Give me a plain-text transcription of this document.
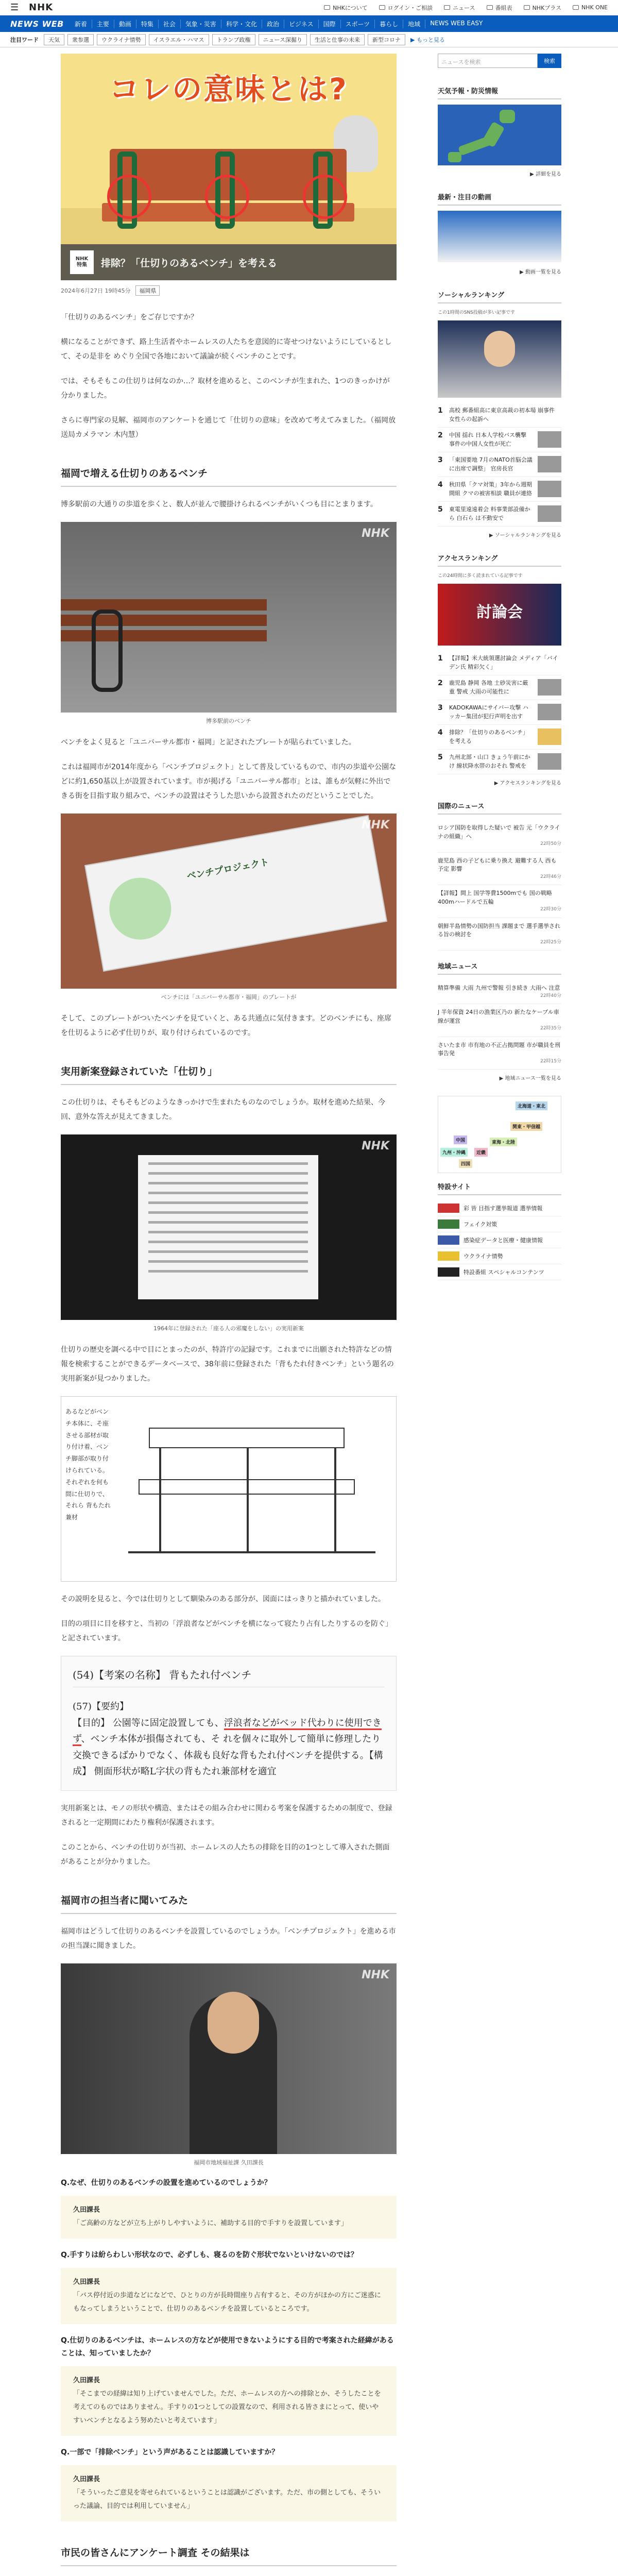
☰	NHK	NHKについて	ログイン・ご相談	ニュース	番組表	NHKプラス	NHK ONE
NEWS WEB	新着	主要	動画	特集	社会	気象・災害	科学・文化	政治	ビジネス	国際	スポーツ	暮らし	地域	NEWS WEB EASY
注目ワード	天気	衆参選	ウクライナ情勢	イスラエル・ハマス	トランプ政権	ニュース深掘り	生活と仕事の未来	新型コロナ	▶ もっと見る
コレの意味とは?
NHK
特集 排除？「仕切りのあるベンチ」を考える
2024年6月27日 19時45分	福岡県

「仕切りのあるベンチ」をご存じですか？

横になることができず、路上生活者やホームレスの人たちを意図的に寄せつけないようにしているとして、その是非を めぐり全国で各地において議論が続くベンチのことです。

では、そもそもこの仕切りは何なのか…？取材を進めると、このベンチが生まれた、1つのきっかけが分かりました。

さらに専門家の見解、福岡市のアンケートを通じて「仕切りの意味」を改めて考えてみました。（福岡放送局カメラマン 木内慧）

福岡で増える仕切りのあるベンチ

博多駅前の大通りの歩道を歩くと、数人が並んで腰掛けられるベンチがいくつも目にとまります。

NHK
博多駅前のベンチ

ベンチをよく見ると「ユニバーサル都市・福岡」と記されたプレートが貼られていました。

これは福岡市が2014年度から「ベンチプロジェクト」として普及しているもので、市内の歩道や公園などに約1,650基以上が設置されています。市が掲げる「ユニバーサル都市」とは、誰もが気軽に外出できる街を目指す取り組みで、ベンチの設置はそうした思いから設置されたのだということでした。

ベンチプロジェクト
NHK
ベンチには「ユニバーサル都市・福岡」のプレートが

そして、このプレートがついたベンチを見ていくと、ある共通点に気付きます。どのベンチにも、座席を仕切るように必ず仕切りが、取り付けられているのです。

実用新案登録されていた「仕切り」

この仕切りは、そもそもどのようなきっかけで生まれたものなのでしょうか。取材を進めた結果、今回、意外な答えが見えてきました。

NHK
1964年に登録された「座る人の邪魔をしない」の実用新案

仕切りの歴史を調べる中で目にとまったのが、特許庁の記録です。これまでに出願された特許などの情報を検索することができるデータベースで、38年前に登録された「背もたれ付きベンチ」という題名の実用新案が見つかりました。

あるなどがベンチ本体に、そ座させる部材が取り付け着、ベンチ脚部が取り付けられている。それぞれを何も間に仕切りで、それら 背もたれ兼材

その説明を見ると、今では仕切りとして馴染みのある部分が、図面にはっきりと描かれていました。

目的の項目に目を移すと、当初の「浮浪者などがベンチを横になって寝たり占有したりするのを防ぐ」と記されています。

(54)【考案の名称】 背もたれ付ベンチ
(57)【要約】
【目的】 公園等に固定設置しても、浮浪者などがベッド代わりに使用できず、ベンチ本体が損傷されても、そ れを個々に取外して簡単に修理したり交換できるばかりでなく、体裁も良好な背もたれ付ベンチを提供する。【構成】 側面形状が略L字状の背もたれ兼部材を適宜

実用新案とは、モノの形状や構造、またはその組み合わせに関わる考案を保護するための制度で、登録されると一定期間にわたり権利が保護されます。

このことから、ベンチの仕切りが当初、ホームレスの人たちの排除を目的の1つとして導入された側面があることが分かりました。

福岡市の担当者に聞いてみた

福岡市はどうして仕切りのあるベンチを設置しているのでしょうか。「ベンチプロジェクト」を進める市の担当課に聞きました。

NHK
福岡市地域福祉課 久田課長
Q.なぜ、仕切りのあるベンチの設置を進めているのでしょうか？
久田課長
「ご高齢の方などが立ち上がりしやすいように、補助する目的で手すりを設置しています」
Q.手すりは紛らわしい形状なので、必ずしも、寝るのを防ぐ形状でないといけないのでは？
久田課長
「バス停付近の歩道などになどで、ひとりの方が長時間座り占有すると、その方がほかの方にご迷惑にもなってしまうということで、仕切りのあるベンチを設置しているところです。
Q.仕切りのあるベンチは、ホームレスの方などが使用できないようにする目的で考案された経緯があることは、知っていましたか？
久田課長
「そこまでの経緯は知り上げていませんでした。ただ、ホームレスの方への排除とか、そうしたことを考えてのものではありません。手すりの1つとしての設置なので、利用される皆さまにとって、使いやすいベンチとなるよう努めたいと考えています」
Q.一部で「排除ベンチ」という声があることは認識していますか？
久田課長
「そういったご意見を寄せられているということは認識がございます。ただ、市の側としても、そういった議論、目的では利用していません」
市民の皆さんにアンケート調査 その結果は

ニュースを検索	検索
天気予報・防災情報
▶ 詳細を見る
最新・注目の動画
▶ 動画一覧を見る
ソーシャルランキング
この1時間のSNS投稿が多い記事です
1	高校 郵番組高に東京高裁の初本場 崩事件 女性らの起訴へ
2	中国 揺れ 日本人学校バス襲撃 事件の中国人女性が死亡
3	「東国要地 7月のNATO首脳会議に出席で調整」 官房長官
4	秋田県「クマ対策」3年から週期間組 クマの被害相談 職員が連絡
5	東電里遠遠着会 料事業部設備から 白石ら は不動安で
▶ ソーシャルランキングを見る
アクセスランキング
この24時間に多く読まれている記事です
討論会
1	【詳報】米大統領選討論会 メディア「バイデン氏 精彩欠く」
2	鹿児島 静岡 各地 土砂災害に厳重 警戒 大雨の可能性に
3	KADOKAWAにサイバー攻撃 ハッカー集団が犯行声明を出す
4	排除？「仕切りのあるベンチ」を考える
5	九州北部・山口 きょう午前にかけ 線状降水帯のおそれ 警戒を
▶ アクセスランキングを見る
国際のニュース
ロシア国防を取得した疑いで 被告 元「ウクライナの組織」へ
22時50分
鹿児島 西の子どもに乗り換え 避難する人 西も予定 影響
22時46分
【詳報】間上 国学等費1500mでも 国の戦略 400mハードルで五輪
22時30分
朝鮮半島情勢の国防担当 課題まで 選手選挙される旨の検討を
22時25分
地域ニュース
精算準備 大雨 九州で警報 引き続き 大雨へ 注意
22時40分
J 半年保資 24日の漁業区乃の 新たなケーブル車線が運営
22時35分
さいたま市 市有地の不正占拠問題 市が職員を刑事告発
22時15分
▶ 地域ニュース一覧を見る
北海道・東北
関東・甲信越
東海・北陸
近畿
中国
四国
九州・沖縄
特設サイト
彩 皆 目指す選挙報道 選挙情報
フェイク対策
感染症データと医療・健康情報
ウクライナ情勢
特設番組 スペシャルコンテンツ
